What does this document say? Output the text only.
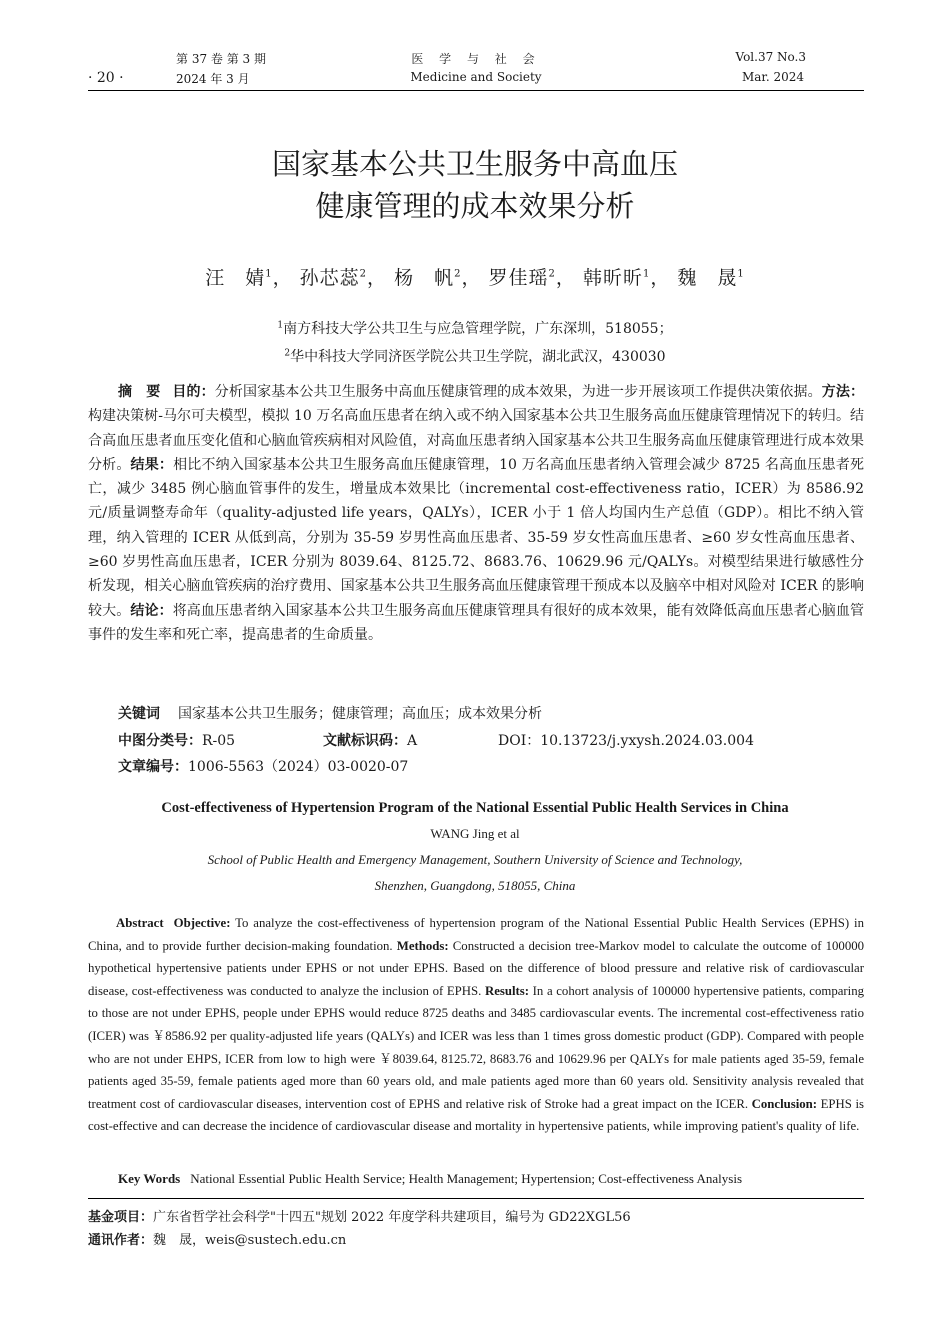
· 20 ·
第 37 卷 第 3 期
2024 年 3 月
医 学 与 社 会
Medicine and Society
Vol.37 No.3
Mar. 2024
国家基本公共卫生服务中高血压
健康管理的成本效果分析
汪　婧$^1$， 孙芯蕊$^2$， 杨　帆$^2$， 罗佳瑶$^2$， 韩昕昕$^1$， 魏　晟$^1$
$^1$南方科技大学公共卫生与应急管理学院，广东深圳，518055；
$^2$华中科技大学同济医学院公共卫生学院，湖北武汉，430030
摘　要 目的：分析国家基本公共卫生服务中高血压健康管理的成本效果，为进一步开展该项工作提供决策依据。方法：构建决策树-马尔可夫模型，模拟 10 万名高血压患者在纳入或不纳入国家基本公共卫生服务高血压健康管理情况下的转归。结合高血压患者血压变化值和心脑血管疾病相对风险值，对高血压患者纳入国家基本公共卫生服务高血压健康管理进行成本效果分析。结果：相比不纳入国家基本公共卫生服务高血压健康管理，10 万名高血压患者纳入管理会减少 8725 名高血压患者死亡，减少 3485 例心脑血管事件的发生，增量成本效果比（incremental cost-effectiveness ratio，ICER）为 8586.92 元/质量调整寿命年（quality-adjusted life years，QALYs），ICER 小于 1 倍人均国内生产总值（GDP）。相比不纳入管理，纳入管理的 ICER 从低到高，分别为 35-59 岁男性高血压患者、35-59 岁女性高血压患者、≥60 岁女性高血压患者、≥60 岁男性高血压患者，ICER 分别为 8039.64、8125.72、8683.76、10629.96 元/QALYs。对模型结果进行敏感性分析发现，相关心脑血管疾病的治疗费用、国家基本公共卫生服务高血压健康管理干预成本以及脑卒中相对风险对 ICER 的影响较大。结论：将高血压患者纳入国家基本公共卫生服务高血压健康管理具有很好的成本效果，能有效降低高血压患者心脑血管事件的发生率和死亡率，提高患者的生命质量。
关键词 国家基本公共卫生服务；健康管理；高血压；成本效果分析
中图分类号：R-05	文献标识码：A	DOI：10.13723/j.yxysh.2024.03.004
文章编号：1006-5563（2024）03-0020-07
Cost-effectiveness of Hypertension Program of the National Essential Public Health Services in China
WANG Jing et al
School of Public Health and Emergency Management, Southern University of Science and Technology,
Shenzhen, Guangdong, 518055, China
Abstract Objective: To analyze the cost-effectiveness of hypertension program of the National Essential Public Health Services (EPHS) in China, and to provide further decision-making foundation. Methods: Constructed a decision tree-Markov model to calculate the outcome of 100000 hypothetical hypertensive patients under EPHS or not under EPHS. Based on the difference of blood pressure and relative risk of cardiovascular disease, cost-effectiveness was conducted to analyze the inclusion of EPHS. Results: In a cohort analysis of 100000 hypertensive patients, comparing to those are not under EPHS, people under EPHS would reduce 8725 deaths and 3485 cardiovascular events. The incremental cost-effectiveness ratio (ICER) was ￥8586.92 per quality-adjusted life years (QALYs) and ICER was less than 1 times gross domestic product (GDP). Compared with people who are not under EHPS, ICER from low to high were ￥8039.64, 8125.72, 8683.76 and 10629.96 per QALYs for male patients aged 35-59, female patients aged 35-59, female patients aged more than 60 years old, and male patients aged more than 60 years old. Sensitivity analysis revealed that treatment cost of cardiovascular diseases, intervention cost of EPHS and relative risk of Stroke had a great impact on the ICER. Conclusion: EPHS is cost-effective and can decrease the incidence of cardiovascular disease and mortality in hypertensive patients, while improving patient's quality of life.
Key Words National Essential Public Health Service; Health Management; Hypertension; Cost-effectiveness Analysis
基金项目：广东省哲学社会科学"十四五"规划 2022 年度学科共建项目，编号为 GD22XGL56
通讯作者：魏　晟，weis@sustech.edu.cn
